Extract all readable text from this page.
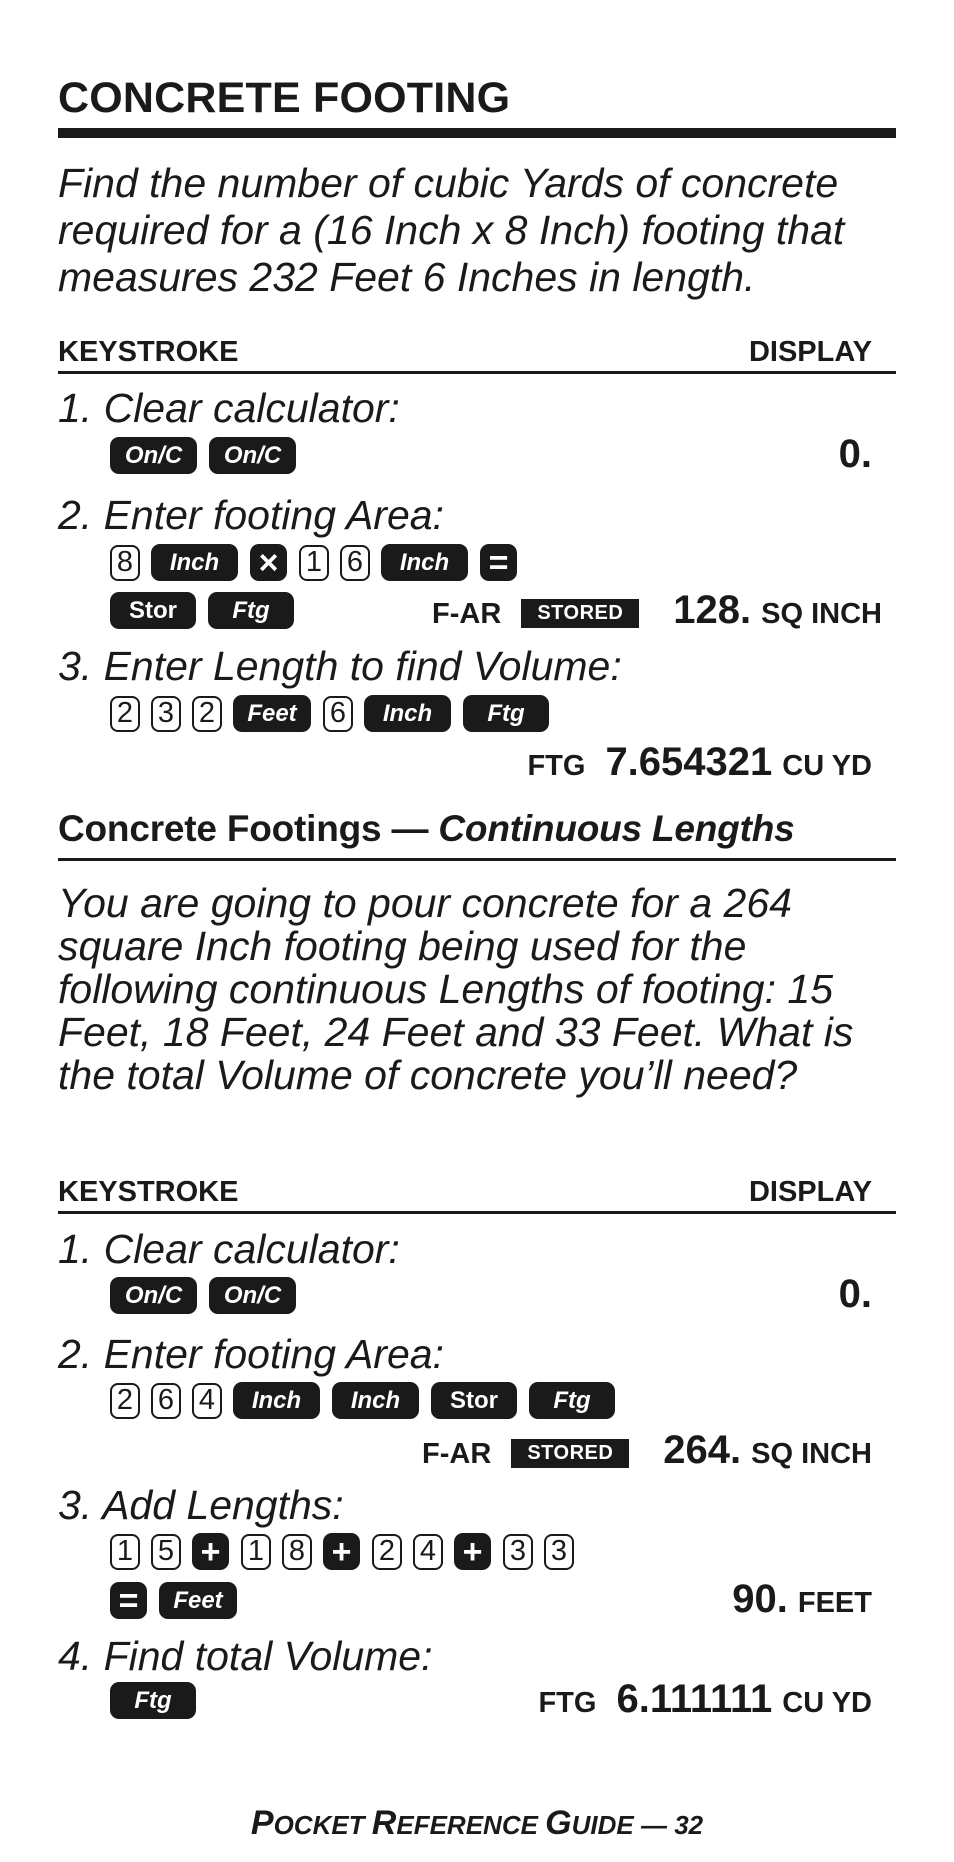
CONCRETE FOOTING
Find the number of cubic Yards of concrete required for a (16 Inch x 8 Inch) footing that measures 232 Feet 6 Inches in length.
KEYSTROKE	DISPLAY
1. Clear calculator:
On/C	On/C	0.
2. Enter footing Area:
8	Inch	× 1 6	Inch	=
Stor	Ftg	F-AR	STORED	128. SQ INCH
3. Enter Length to find Volume:
2 3 2	Feet	6	Inch	Ftg
FTG 7.654321 CU YD
Concrete Footings — Continuous Lengths
You are going to pour concrete for a 264 square Inch footing being used for the following continuous Lengths of footing: 15 Feet, 18 Feet, 24 Feet and 33 Feet. What is the total Volume of concrete you’ll need?
KEYSTROKE	DISPLAY
1. Clear calculator:
On/C	On/C	0.
2. Enter footing Area:
2 6 4	Inch	Inch	Stor	Ftg
F-AR	STORED	264. SQ INCH
3. Add Lengths:
1 5 + 1 8 + 2 4 + 3 3
=	Feet	90. FEET
4. Find total Volume:
Ftg	FTG 6.111111 CU YD
POCKET REFERENCE GUIDE — 32
